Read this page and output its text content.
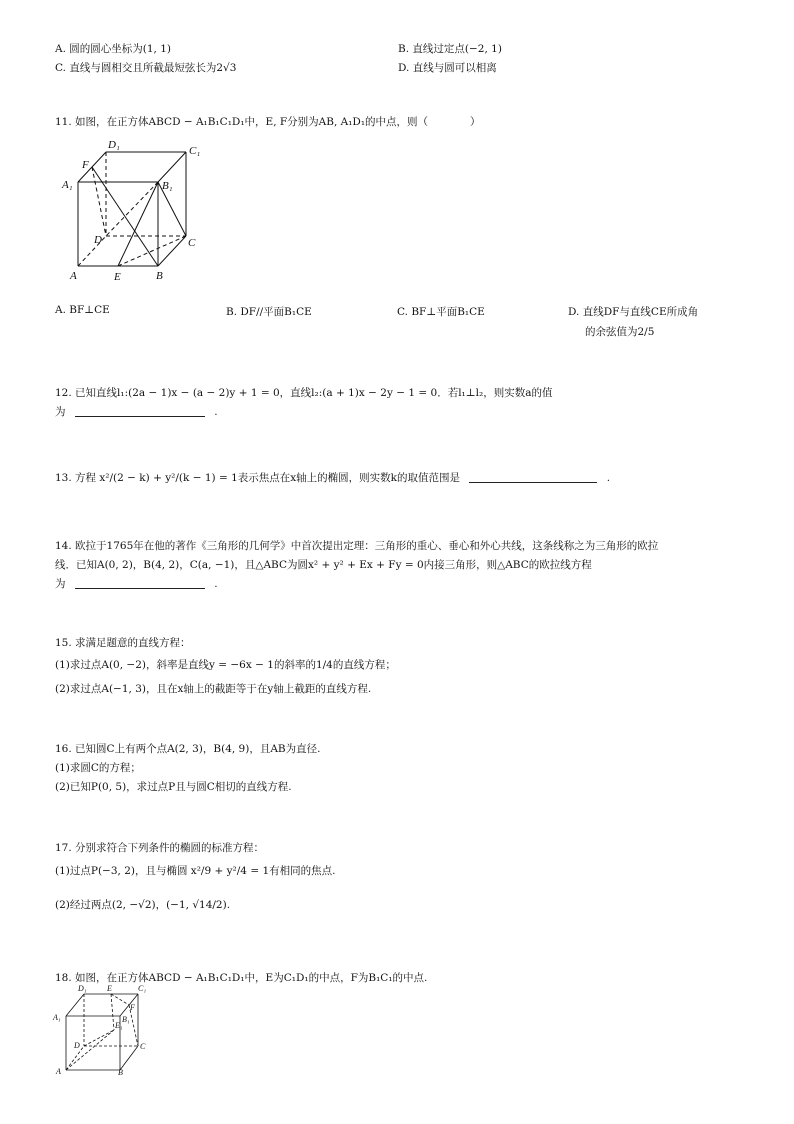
A. 圆的圆心坐标为(1, 1)	B. 直线过定点(−2, 1)
C. 直线与圆相交且所截最短弦长为2√3	D. 直线与圆可以相离
11. 如图，在正方体ABCD − A₁B₁C₁D₁中，E, F分别为AB, A₁D₁的中点，则（　　　　）
D₁	C₁
F
A₁	B₁
D	C
A	E	B
A. BF⊥CE	B. DF//平面B₁CE	C. BF⊥平面B₁CE	D. 直线DF与直线CE所成角
的余弦值为2/5
12. 已知直线l₁:(2a − 1)x − (a − 2)y + 1 = 0，直线l₂:(a + 1)x − 2y − 1 = 0．若l₁⊥l₂，则实数a的值
为	.
13. 方程 x²/(2 − k) + y²/(k − 1) = 1表示焦点在x轴上的椭圆，则实数k的取值范围是	.
14. 欧拉于1765年在他的著作《三角形的几何学》中首次提出定理：三角形的重心、垂心和外心共线，这条线称之为三角形的欧拉
线．已知A(0, 2)，B(4, 2)，C(a, −1)，且△ABC为圆x² + y² + Ex + Fy = 0内接三角形，则△ABC的欧拉线方程
为	.
15. 求满足题意的直线方程：
(1)求过点A(0, −2)，斜率是直线y = −6x − 1的斜率的1/4的直线方程；
(2)求过点A(−1, 3)，且在x轴上的截距等于在y轴上截距的直线方程.
16. 已知圆C上有两个点A(2, 3)，B(4, 9)，且AB为直径.
(1)求圆C的方程；
(2)已知P(0, 5)，求过点P且与圆C相切的直线方程.
17. 分别求符合下列条件的椭圆的标准方程：
(1)过点P(−3, 2)，且与椭圆 x²/9 + y²/4 = 1有相同的焦点.
(2)经过两点(2, −√2)，(−1, √14/2).
18. 如图，在正方体ABCD − A₁B₁C₁D₁中，E为C₁D₁的中点，F为B₁C₁的中点.
D₁	E	C₁
A₁
F
B₁
E₁
D	C
A	B
